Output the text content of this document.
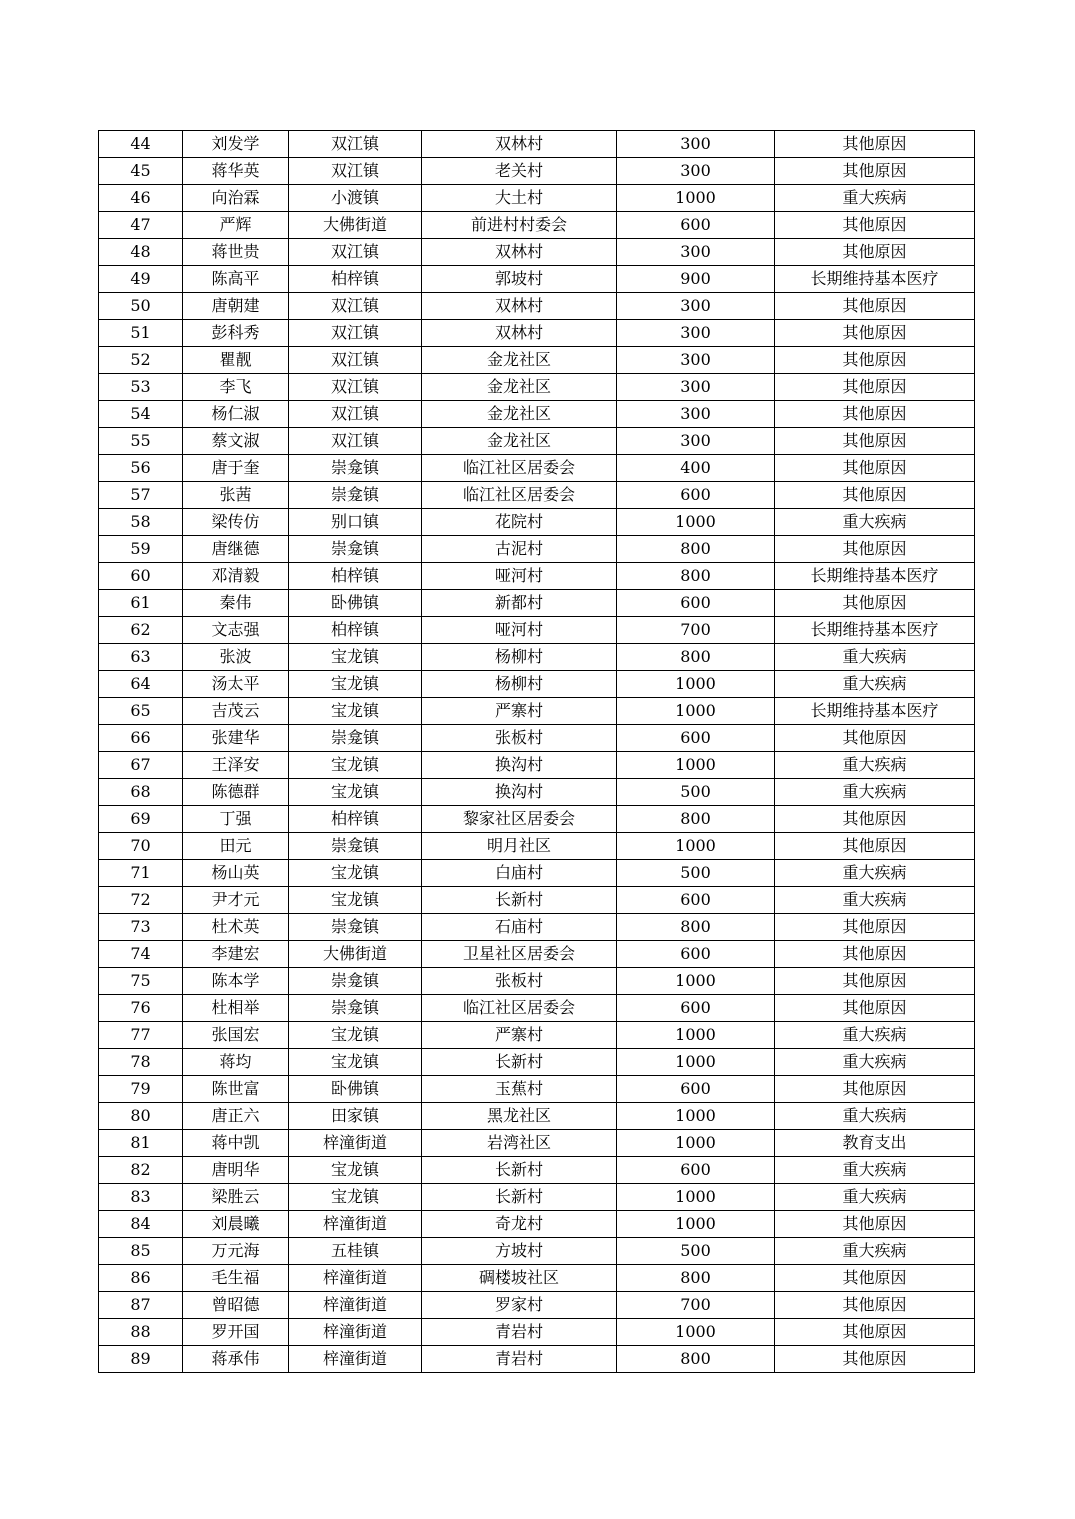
44	刘发学	双江镇	双林村	300	其他原因
45	蒋华英	双江镇	老关村	300	其他原因
46	向治霖	小渡镇	大土村	1000	重大疾病
47	严辉	大佛街道	前进村村委会	600	其他原因
48	蒋世贵	双江镇	双林村	300	其他原因
49	陈高平	柏梓镇	郭坡村	900	长期维持基本医疗
50	唐朝建	双江镇	双林村	300	其他原因
51	彭科秀	双江镇	双林村	300	其他原因
52	瞿靓	双江镇	金龙社区	300	其他原因
53	李飞	双江镇	金龙社区	300	其他原因
54	杨仁淑	双江镇	金龙社区	300	其他原因
55	蔡文淑	双江镇	金龙社区	300	其他原因
56	唐于奎	崇龛镇	临江社区居委会	400	其他原因
57	张茜	崇龛镇	临江社区居委会	600	其他原因
58	梁传仿	别口镇	花院村	1000	重大疾病
59	唐继德	崇龛镇	古泥村	800	其他原因
60	邓清毅	柏梓镇	哑河村	800	长期维持基本医疗
61	秦伟	卧佛镇	新都村	600	其他原因
62	文志强	柏梓镇	哑河村	700	长期维持基本医疗
63	张波	宝龙镇	杨柳村	800	重大疾病
64	汤太平	宝龙镇	杨柳村	1000	重大疾病
65	吉茂云	宝龙镇	严寨村	1000	长期维持基本医疗
66	张建华	崇龛镇	张板村	600	其他原因
67	王泽安	宝龙镇	换沟村	1000	重大疾病
68	陈德群	宝龙镇	换沟村	500	重大疾病
69	丁强	柏梓镇	黎家社区居委会	800	其他原因
70	田元	崇龛镇	明月社区	1000	其他原因
71	杨山英	宝龙镇	白庙村	500	重大疾病
72	尹才元	宝龙镇	长新村	600	重大疾病
73	杜术英	崇龛镇	石庙村	800	其他原因
74	李建宏	大佛街道	卫星社区居委会	600	其他原因
75	陈本学	崇龛镇	张板村	1000	其他原因
76	杜相举	崇龛镇	临江社区居委会	600	其他原因
77	张国宏	宝龙镇	严寨村	1000	重大疾病
78	蒋均	宝龙镇	长新村	1000	重大疾病
79	陈世富	卧佛镇	玉蕉村	600	其他原因
80	唐正六	田家镇	黑龙社区	1000	重大疾病
81	蒋中凯	梓潼街道	岩湾社区	1000	教育支出
82	唐明华	宝龙镇	长新村	600	重大疾病
83	梁胜云	宝龙镇	长新村	1000	重大疾病
84	刘晨曦	梓潼街道	奇龙村	1000	其他原因
85	万元海	五桂镇	方坡村	500	重大疾病
86	毛生福	梓潼街道	碉楼坡社区	800	其他原因
87	曾昭德	梓潼街道	罗家村	700	其他原因
88	罗开国	梓潼街道	青岩村	1000	其他原因
89	蒋承伟	梓潼街道	青岩村	800	其他原因
